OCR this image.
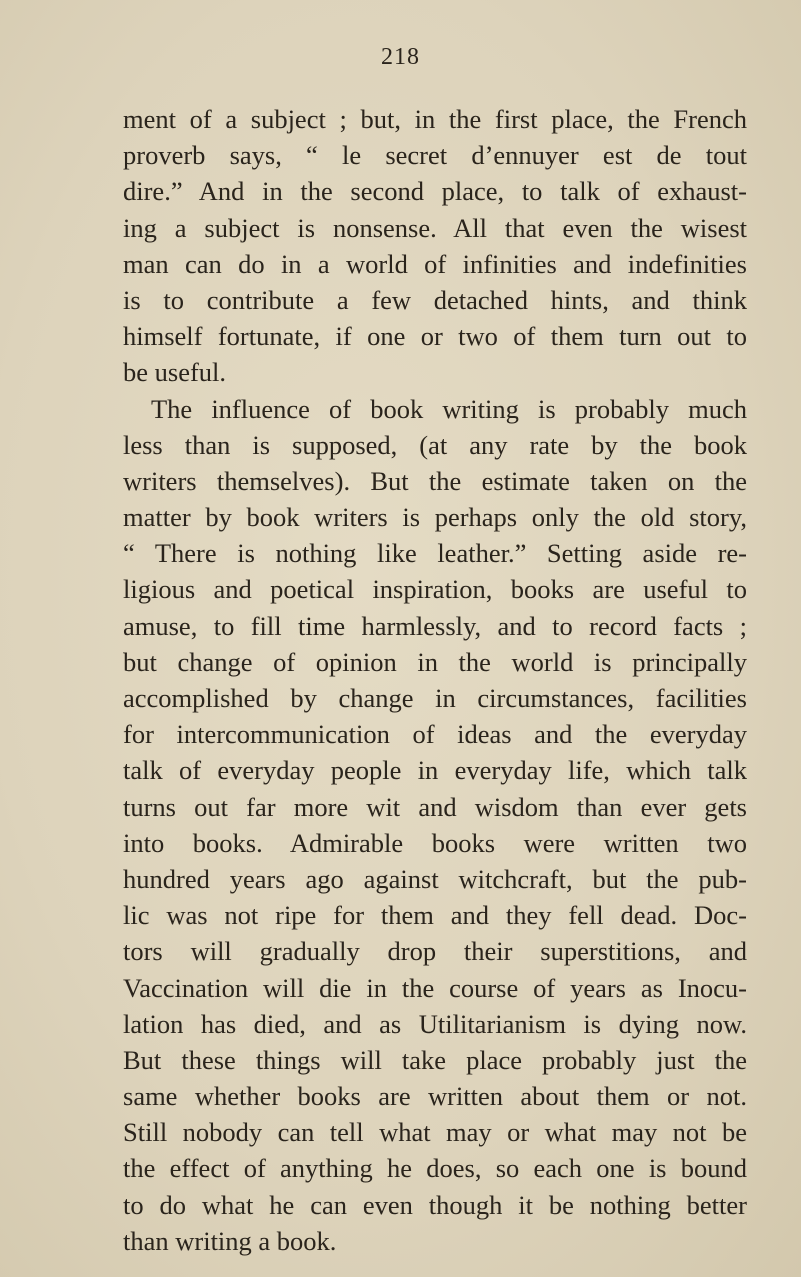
218
ment of a subject ; but, in the first place, the French
proverb says, “ le secret d’ennuyer est de tout
dire.” And in the second place, to talk of exhaust-
ing a subject is nonsense. All that even the wisest
man can do in a world of infinities and indefinities
is to contribute a few detached hints, and think
himself fortunate, if one or two of them turn out to
be useful.
The influence of book writing is probably much
less than is supposed, (at any rate by the book
writers themselves). But the estimate taken on the
matter by book writers is perhaps only the old story,
“ There is nothing like leather.” Setting aside re-
ligious and poetical inspiration, books are useful to
amuse, to fill time harmlessly, and to record facts ;
but change of opinion in the world is principally
accomplished by change in circumstances, facilities
for intercommunication of ideas and the everyday
talk of everyday people in everyday life, which talk
turns out far more wit and wisdom than ever gets
into books. Admirable books were written two
hundred years ago against witchcraft, but the pub-
lic was not ripe for them and they fell dead. Doc-
tors will gradually drop their superstitions, and
Vaccination will die in the course of years as Inocu-
lation has died, and as Utilitarianism is dying now.
But these things will take place probably just the
same whether books are written about them or not.
Still nobody can tell what may or what may not be
the effect of anything he does, so each one is bound
to do what he can even though it be nothing better
than writing a book.
